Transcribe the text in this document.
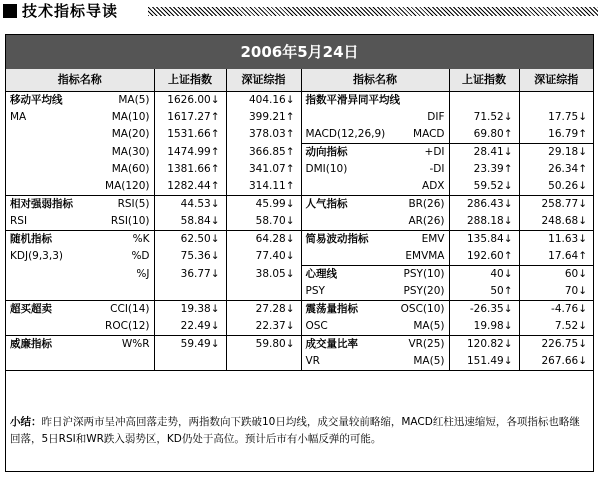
技术指标导读
2006年5月24日
指标名称	上证指数	深证综指	指标名称	上证指数	深证综指

移动平均线 MA(5)	1626.00↓	404.16↓	指数平滑异同平均线		

MA MA(10)	1617.27↑	399.21↑	DIF	71.52↓	17.75↓

MA(20)	1531.66↑	378.03↑	MACD(12,26,9) MACD	69.80↑	16.79↑

MA(30)	1474.99↑	366.85↑	动向指标 +DI	28.41↓	29.18↓

MA(60)	1381.66↑	341.07↑	DMI(10) -DI	23.39↑	26.34↑

MA(120)	1282.44↑	314.11↑	ADX	59.52↓	50.26↓

相对强弱指标 RSI(5)	44.53↓	45.99↓	人气指标 BR(26)	286.43↓	258.77↓

RSI RSI(10)	58.84↓	58.70↓	AR(26)	288.18↓	248.68↓

随机指标 %K	62.50↓	64.28↓	简易波动指标 EMV	135.84↓	11.63↓

KDJ(9,3,3) %D	75.36↓	77.40↓	EMVMA	192.60↑	17.64↑

%J	36.77↓	38.05↓	心理线 PSY(10)	40↓	60↓

			PSY PSY(20)	50↑	70↓

超买超卖 CCI(14)	19.38↓	27.28↓	震荡量指标 OSC(10)	-26.35↓	-4.76↓

ROC(12)	22.49↓	22.37↓	OSC MA(5)	19.98↓	7.52↓

威廉指标 W%R	59.49↓	59.80↓	成交量比率 VR(25)	120.82↓	226.75↓

			VR MA(5)	151.49↓	267.66↓
小结：昨日沪深两市呈冲高回落走势，两指数向下跌破10日均线，成交量较前略缩，MACD红柱迅速缩短，各项指标也略继回落，5日RSI和WR跌入弱势区，KD仍处于高位。预计后市有小幅反弹的可能。
